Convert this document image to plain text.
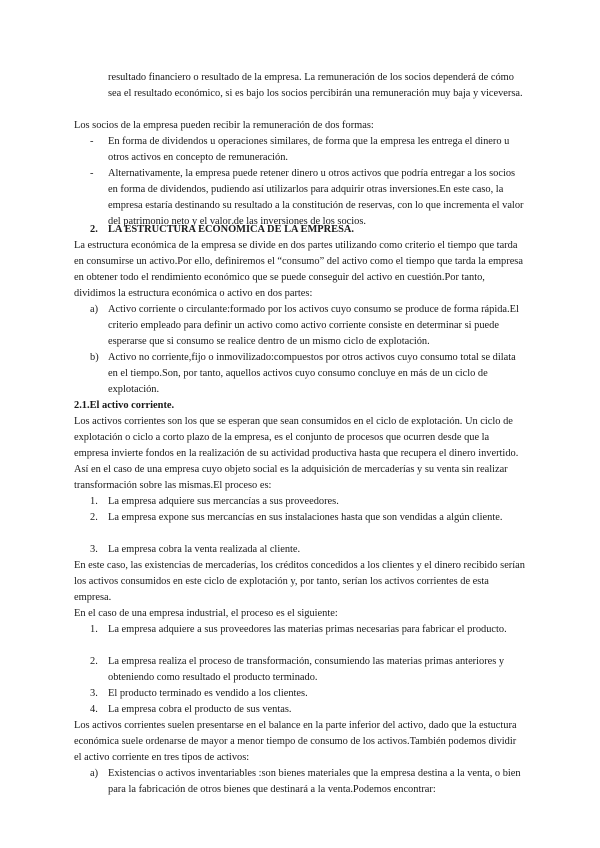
resultado financiero o resultado de la empresa. La remuneración de los socios dependerá de cómo sea el resultado económico, si es bajo los socios percibirán una remuneración muy baja y viceversa.

Los socios de la empresa pueden recibir la remuneración de dos formas:

-	En forma de dividendos u operaciones similares, de forma que la empresa les entrega el dinero u otros activos en concepto de remuneración.
-	Alternativamente, la empresa puede retener dinero u otros activos que podría entregar a los socios en forma de dividendos, pudiendo así utilizarlos para adquirir otras inversiones.En este caso, la empresa estaría destinando su resultado a la constitución de reservas, con lo que incrementa el valor del patrimonio neto y el valor de las inversiones de los socios.
2. LA ESTRUCTURA ECONÓMICA DE LA EMPRESA.

La estructura económica de la empresa se divide en dos partes utilizando como criterio el tiempo que tarda en consumirse un activo.Por ello, definiremos el “consumo” del activo como el tiempo que tarda la empresa en obtener todo el rendimiento económico que se puede conseguir del activo en cuestión.Por tanto, dividimos la estructura económica o activo en dos partes:

a) Activo corriente o circulante:formado por los activos cuyo consumo se produce de forma rápida.El criterio empleado para definir un activo como activo corriente consiste en determinar si puede esperarse que si consumo se realice dentro de un mismo ciclo de explotación.
b) Activo no corriente,fijo o inmovilizado:compuestos por otros activos cuyo consumo total se dilata en el tiempo.Son, por tanto, aquellos activos cuyo consumo concluye en más de un ciclo de explotación.
2.1.El activo corriente.

Los activos corrientes son los que se esperan que sean consumidos en el ciclo de explotación. Un ciclo de explotación o ciclo a corto plazo de la empresa, es el conjunto de procesos que ocurren desde que la empresa invierte fondos en la realización de su actividad productiva hasta que recupera el dinero invertido.

Así en el caso de una empresa cuyo objeto social es la adquisición de mercaderías y su venta sin realizar transformación sobre las mismas.El proceso es:

1. La empresa adquiere sus mercancías a sus proveedores.
2. La empresa expone sus mercancías en sus instalaciones hasta que son vendidas a algún cliente.
3. La empresa cobra la venta realizada al cliente.

En este caso, las existencias de mercaderías, los créditos concedidos a los clientes y el dinero recibido serían los activos consumidos en este ciclo de explotación y, por tanto, serían los activos corrientes de esta empresa.

En el caso de una empresa industrial, el proceso es el siguiente:

1. La empresa adquiere a sus proveedores las materias primas necesarias para fabricar el producto.
2. La empresa realiza el proceso de transformación, consumiendo las materias primas anteriores y obteniendo como resultado el producto terminado.
3. El producto terminado es vendido a los clientes.
4. La empresa cobra el producto de sus ventas.

Los activos corrientes suelen presentarse en el balance en la parte inferior del activo, dado que la estuctura económica suele ordenarse de mayor a menor tiempo de consumo de los activos.También podemos dividir el activo corriente en tres tipos de activos:

a) Existencias o activos inventariables :son bienes materiales que la empresa destina a la venta, o bien para la fabricación de otros bienes que destinará a la venta.Podemos encontrar:
